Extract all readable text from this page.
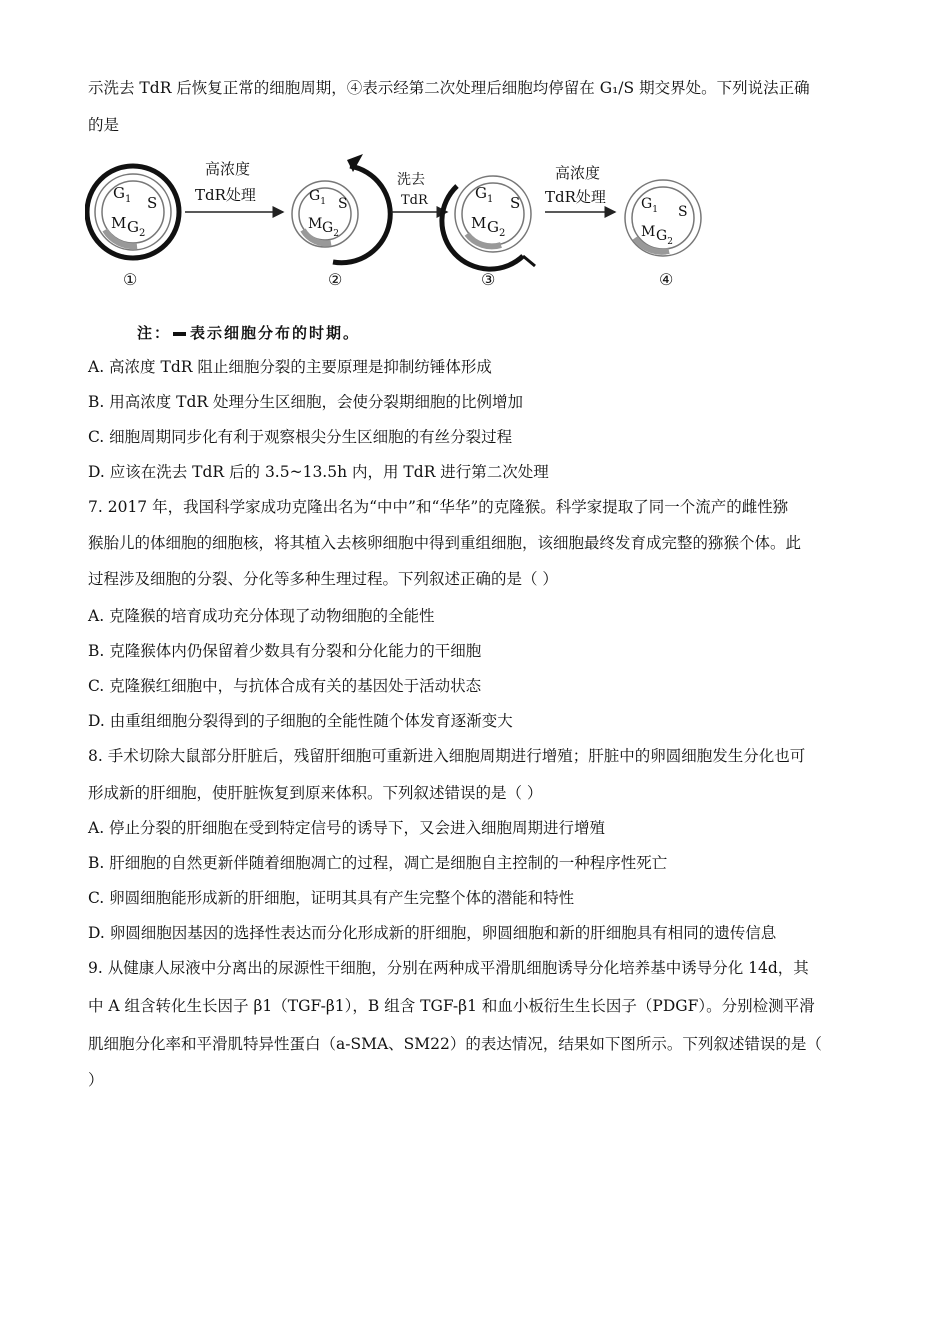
示洗去 TdR 后恢复正常的细胞周期，④表示经第二次处理后细胞均停留在 G₁/S 期交界处。下列说法正确
的是
$G_1$ S
M $G_2$
①
高浓度
TdR处理	$G_1$ S
M $G_2$
②
洗去
TdR	$G_1$ S
M $G_2$
③
高浓度
TdR处理	$G_1$ S
M $G_2$
④
注： 表示细胞分布的时期。
A. 高浓度 TdR 阻止细胞分裂的主要原理是抑制纺锤体形成
B. 用高浓度 TdR 处理分生区细胞，会使分裂期细胞的比例增加
C. 细胞周期同步化有利于观察根尖分生区细胞的有丝分裂过程
D. 应该在洗去 TdR 后的 3.5~13.5h 内，用 TdR 进行第二次处理
7. 2017 年，我国科学家成功克隆出名为“中中”和“华华”的克隆猴。科学家提取了同一个流产的雌性猕
猴胎儿的体细胞的细胞核，将其植入去核卵细胞中得到重组细胞，该细胞最终发育成完整的猕猴个体。此
过程涉及细胞的分裂、分化等多种生理过程。下列叙述正确的是（ ）
A. 克隆猴的培育成功充分体现了动物细胞的全能性
B. 克隆猴体内仍保留着少数具有分裂和分化能力的干细胞
C. 克隆猴红细胞中，与抗体合成有关的基因处于活动状态
D. 由重组细胞分裂得到的子细胞的全能性随个体发育逐渐变大
8. 手术切除大鼠部分肝脏后，残留肝细胞可重新进入细胞周期进行增殖；肝脏中的卵圆细胞发生分化也可
形成新的肝细胞，使肝脏恢复到原来体积。下列叙述错误的是（ ）
A. 停止分裂的肝细胞在受到特定信号的诱导下，又会进入细胞周期进行增殖
B. 肝细胞的自然更新伴随着细胞凋亡的过程，凋亡是细胞自主控制的一种程序性死亡
C. 卵圆细胞能形成新的肝细胞，证明其具有产生完整个体的潜能和特性
D. 卵圆细胞因基因的选择性表达而分化形成新的肝细胞，卵圆细胞和新的肝细胞具有相同的遗传信息
9. 从健康人尿液中分离出的尿源性干细胞，分别在两种成平滑肌细胞诱导分化培养基中诱导分化 14d，其
中 A 组含转化生长因子 β1（TGF-β1），B 组含 TGF-β1 和血小板衍生生长因子（PDGF）。分别检测平滑
肌细胞分化率和平滑肌特异性蛋白（a-SMA、SM22）的表达情况，结果如下图所示。下列叙述错误的是（
）
